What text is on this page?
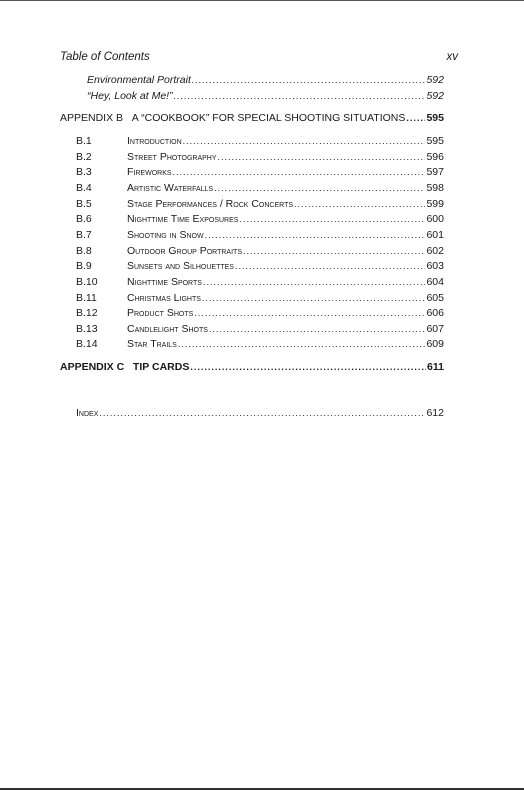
Table of Contents	xv
Environmental Portrait .....	592
“Hey, Look at Me!” .....	592
APPENDIX B   A “COOKBOOK” FOR SPECIAL SHOOTING SITUATIONS ..... 595
B.1	Introduction .....	595
B.2	Street Photography .....	596
B.3	Fireworks .....	597
B.4	Artistic Waterfalls .....	598
B.5	Stage Performances / Rock Concerts .....	599
B.6	Nighttime Time Exposures .....	600
B.7	Shooting in Snow .....	601
B.8	Outdoor Group Portraits .....	602
B.9	Sunsets and Silhouettes .....	603
B.10	Nighttime Sports .....	604
B.11	Christmas Lights .....	605
B.12	Product Shots .....	606
B.13	Candlelight Shots .....	607
B.14	Star Trails .....	609
APPENDIX C   TIP CARDS .....	611
Index .....	612
